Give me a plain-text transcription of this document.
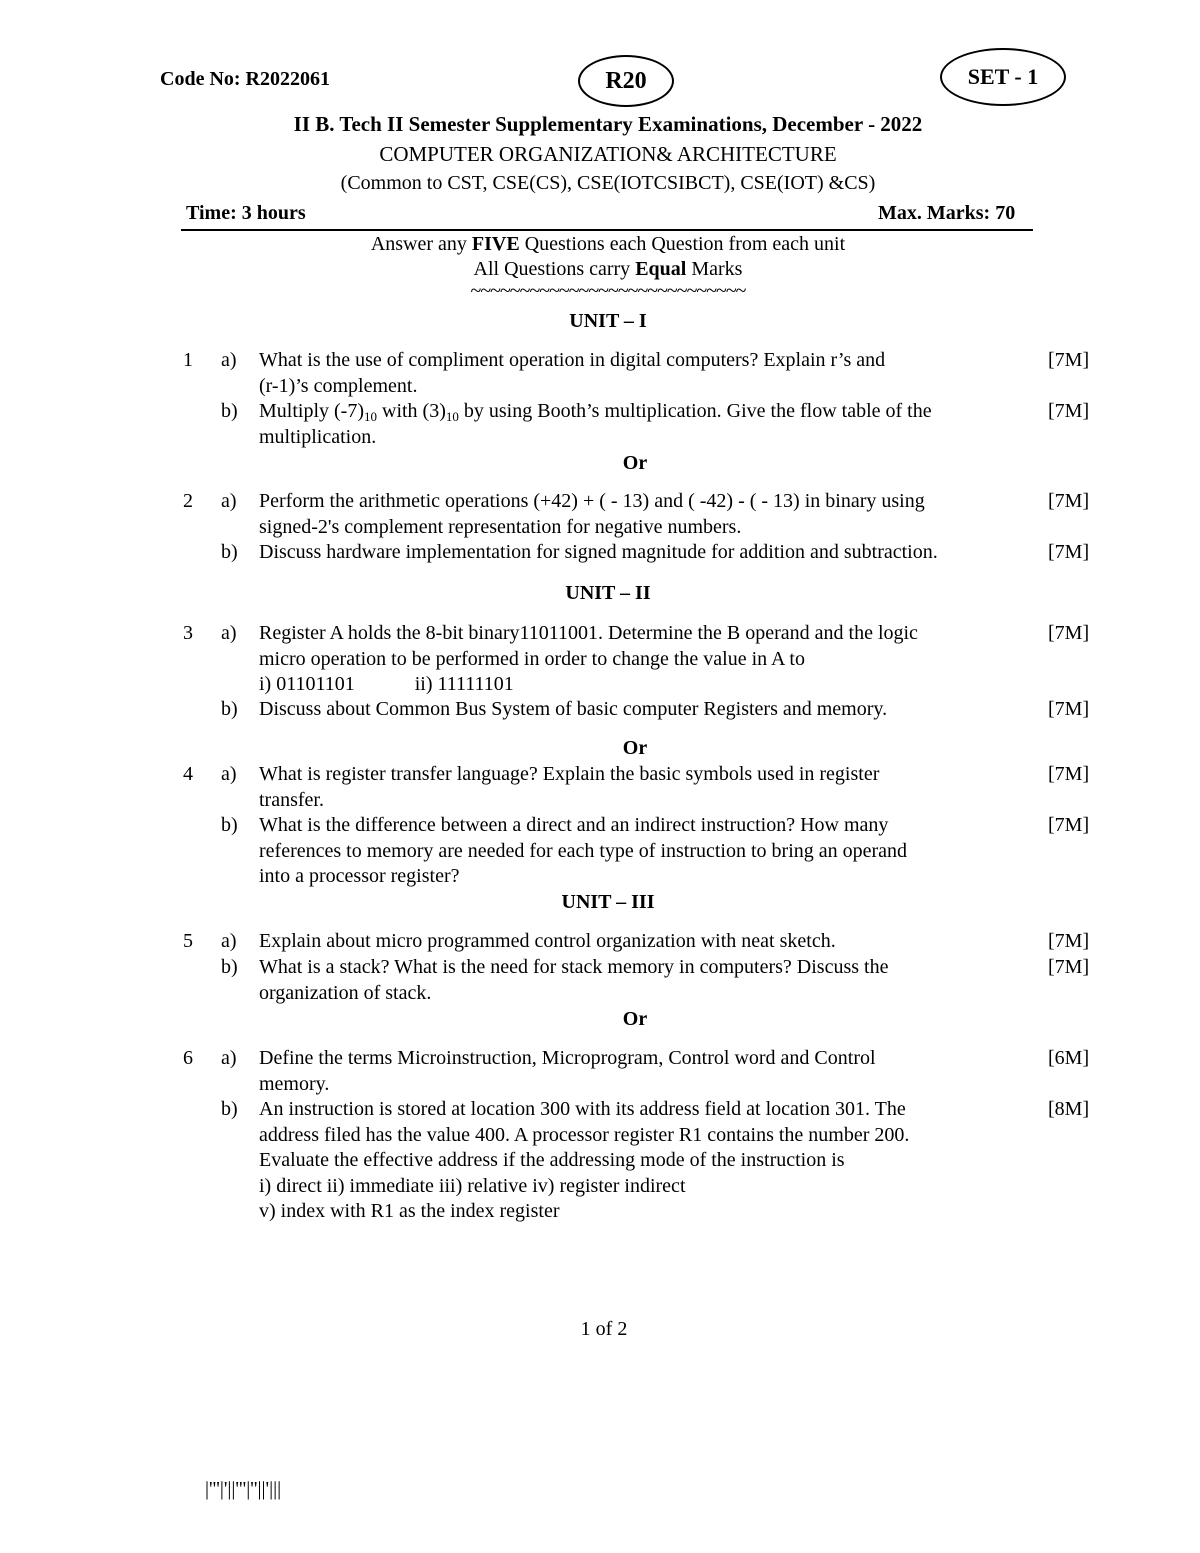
Code No: R2022061	R20	SET - 1
II B. Tech II Semester Supplementary Examinations, December - 2022
COMPUTER ORGANIZATION& ARCHITECTURE
(Common to CST, CSE(CS), CSE(IOTCSIBCT), CSE(IOT) &CS)
Time: 3 hours	Max. Marks: 70
Answer any FIVE Questions each Question from each unit
All Questions carry Equal Marks
~~~~~~~~~~~~~~~~~~~~~~~~~~~~
UNIT – I
1 a) What is the use of compliment operation in digital computers? Explain r’s and
(r-1)’s complement.
[7M]
b) Multiply $(-7)_{10}$ with $(3)_{10}$ by using Booth’s multiplication. Give the flow table of the
multiplication.
[7M]
Or
2 a) Perform the arithmetic operations (+42) + ( - 13) and ( -42) - ( - 13) in binary using
signed-2's complement representation for negative numbers.
[7M]
b) Discuss hardware implementation for signed magnitude for addition and subtraction.	[7M]
UNIT – II
3 a) Register A holds the 8-bit binary11011001. Determine the B operand and the logic
micro operation to be performed in order to change the value in A to
i) 01101101            ii) 11111101
[7M]
b) Discuss about Common Bus System of basic computer Registers and memory.	[7M]
Or
4 a) What is register transfer language? Explain the basic symbols used in register
transfer.
[7M]
b) What is the difference between a direct and an indirect instruction? How many
references to memory are needed for each type of instruction to bring an operand
into a processor register?
[7M]
UNIT – III
5 a) Explain about micro programmed control organization with neat sketch.	[7M]
b) What is a stack? What is the need for stack memory in computers? Discuss the
organization of stack.
[7M]
Or
6 a) Define the terms Microinstruction, Microprogram, Control word and Control
memory.
[6M]
b) An instruction is stored at location 300 with its address field at location 301. The
address filed has the value 400. A processor register R1 contains the number 200.
Evaluate the effective address if the addressing mode of the instruction is
i) direct ii) immediate iii) relative iv) register indirect
v) index with R1 as the index register
[8M]
1 of 2
|'''|'||'''|''||'|||
